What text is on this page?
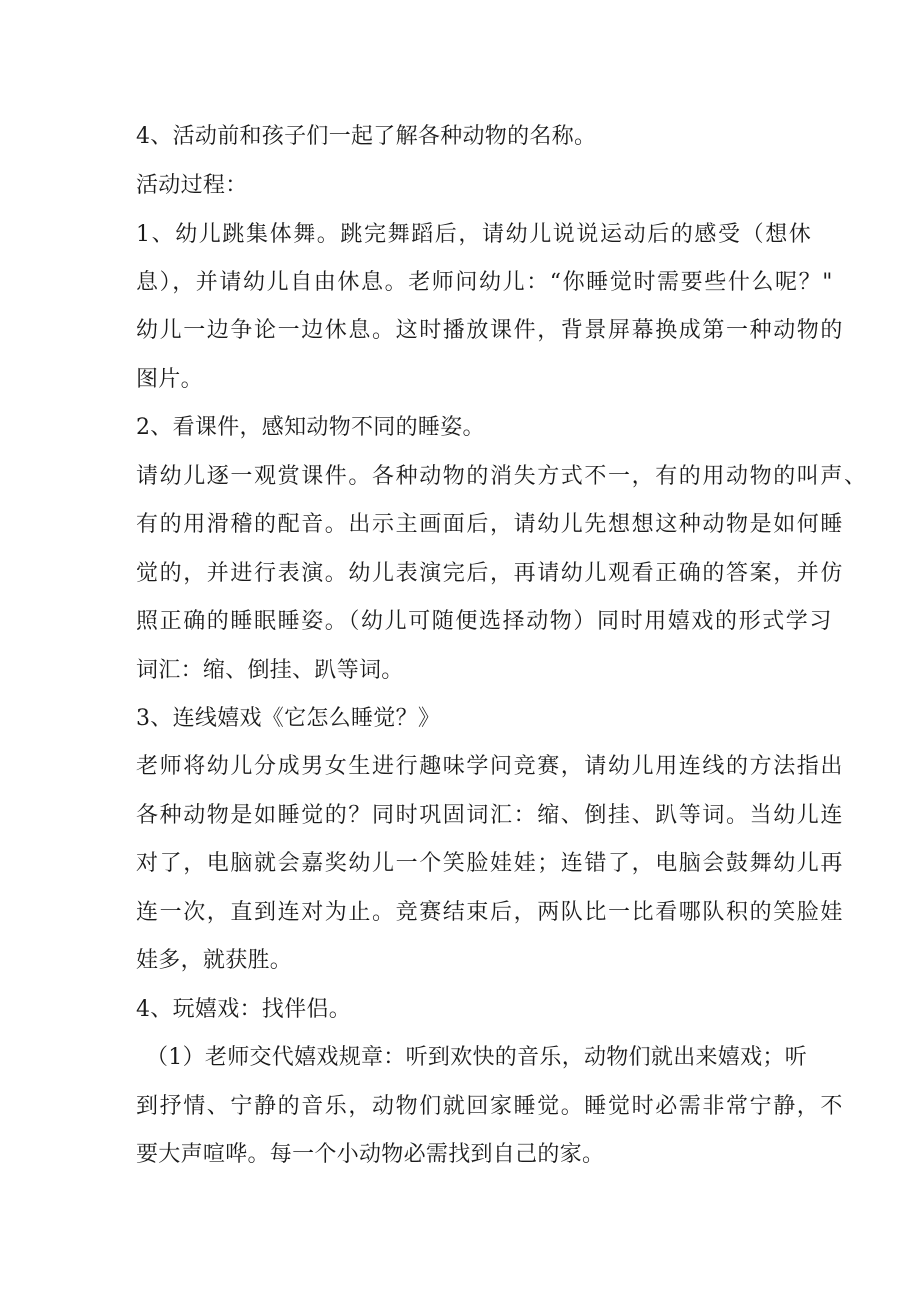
4、活动前和孩子们一起了解各种动物的名称。
活动过程：
1、幼儿跳集体舞。跳完舞蹈后，请幼儿说说运动后的感受（想休
息），并请幼儿自由休息。老师问幼儿：“你睡觉时需要些什么呢？"
幼儿一边争论一边休息。这时播放课件，背景屏幕换成第一种动物的
图片。
2、看课件，感知动物不同的睡姿。
请幼儿逐一观赏课件。各种动物的消失方式不一，有的用动物的叫声、
有的用滑稽的配音。出示主画面后，请幼儿先想想这种动物是如何睡
觉的，并进行表演。幼儿表演完后，再请幼儿观看正确的答案，并仿
照正确的睡眠睡姿。（幼儿可随便选择动物）同时用嬉戏的形式学习
词汇：缩、倒挂、趴等词。
3、连线嬉戏《它怎么睡觉？》
老师将幼儿分成男女生进行趣味学问竞赛，请幼儿用连线的方法指出
各种动物是如睡觉的？同时巩固词汇：缩、倒挂、趴等词。当幼儿连
对了，电脑就会嘉奖幼儿一个笑脸娃娃；连错了，电脑会鼓舞幼儿再
连一次，直到连对为止。竞赛结束后，两队比一比看哪队积的笑脸娃
娃多，就获胜。
4、玩嬉戏：找伴侣。
（1）老师交代嬉戏规章：听到欢快的音乐，动物们就出来嬉戏；听
到抒情、宁静的音乐，动物们就回家睡觉。睡觉时必需非常宁静，不
要大声喧哗。每一个小动物必需找到自己的家。
